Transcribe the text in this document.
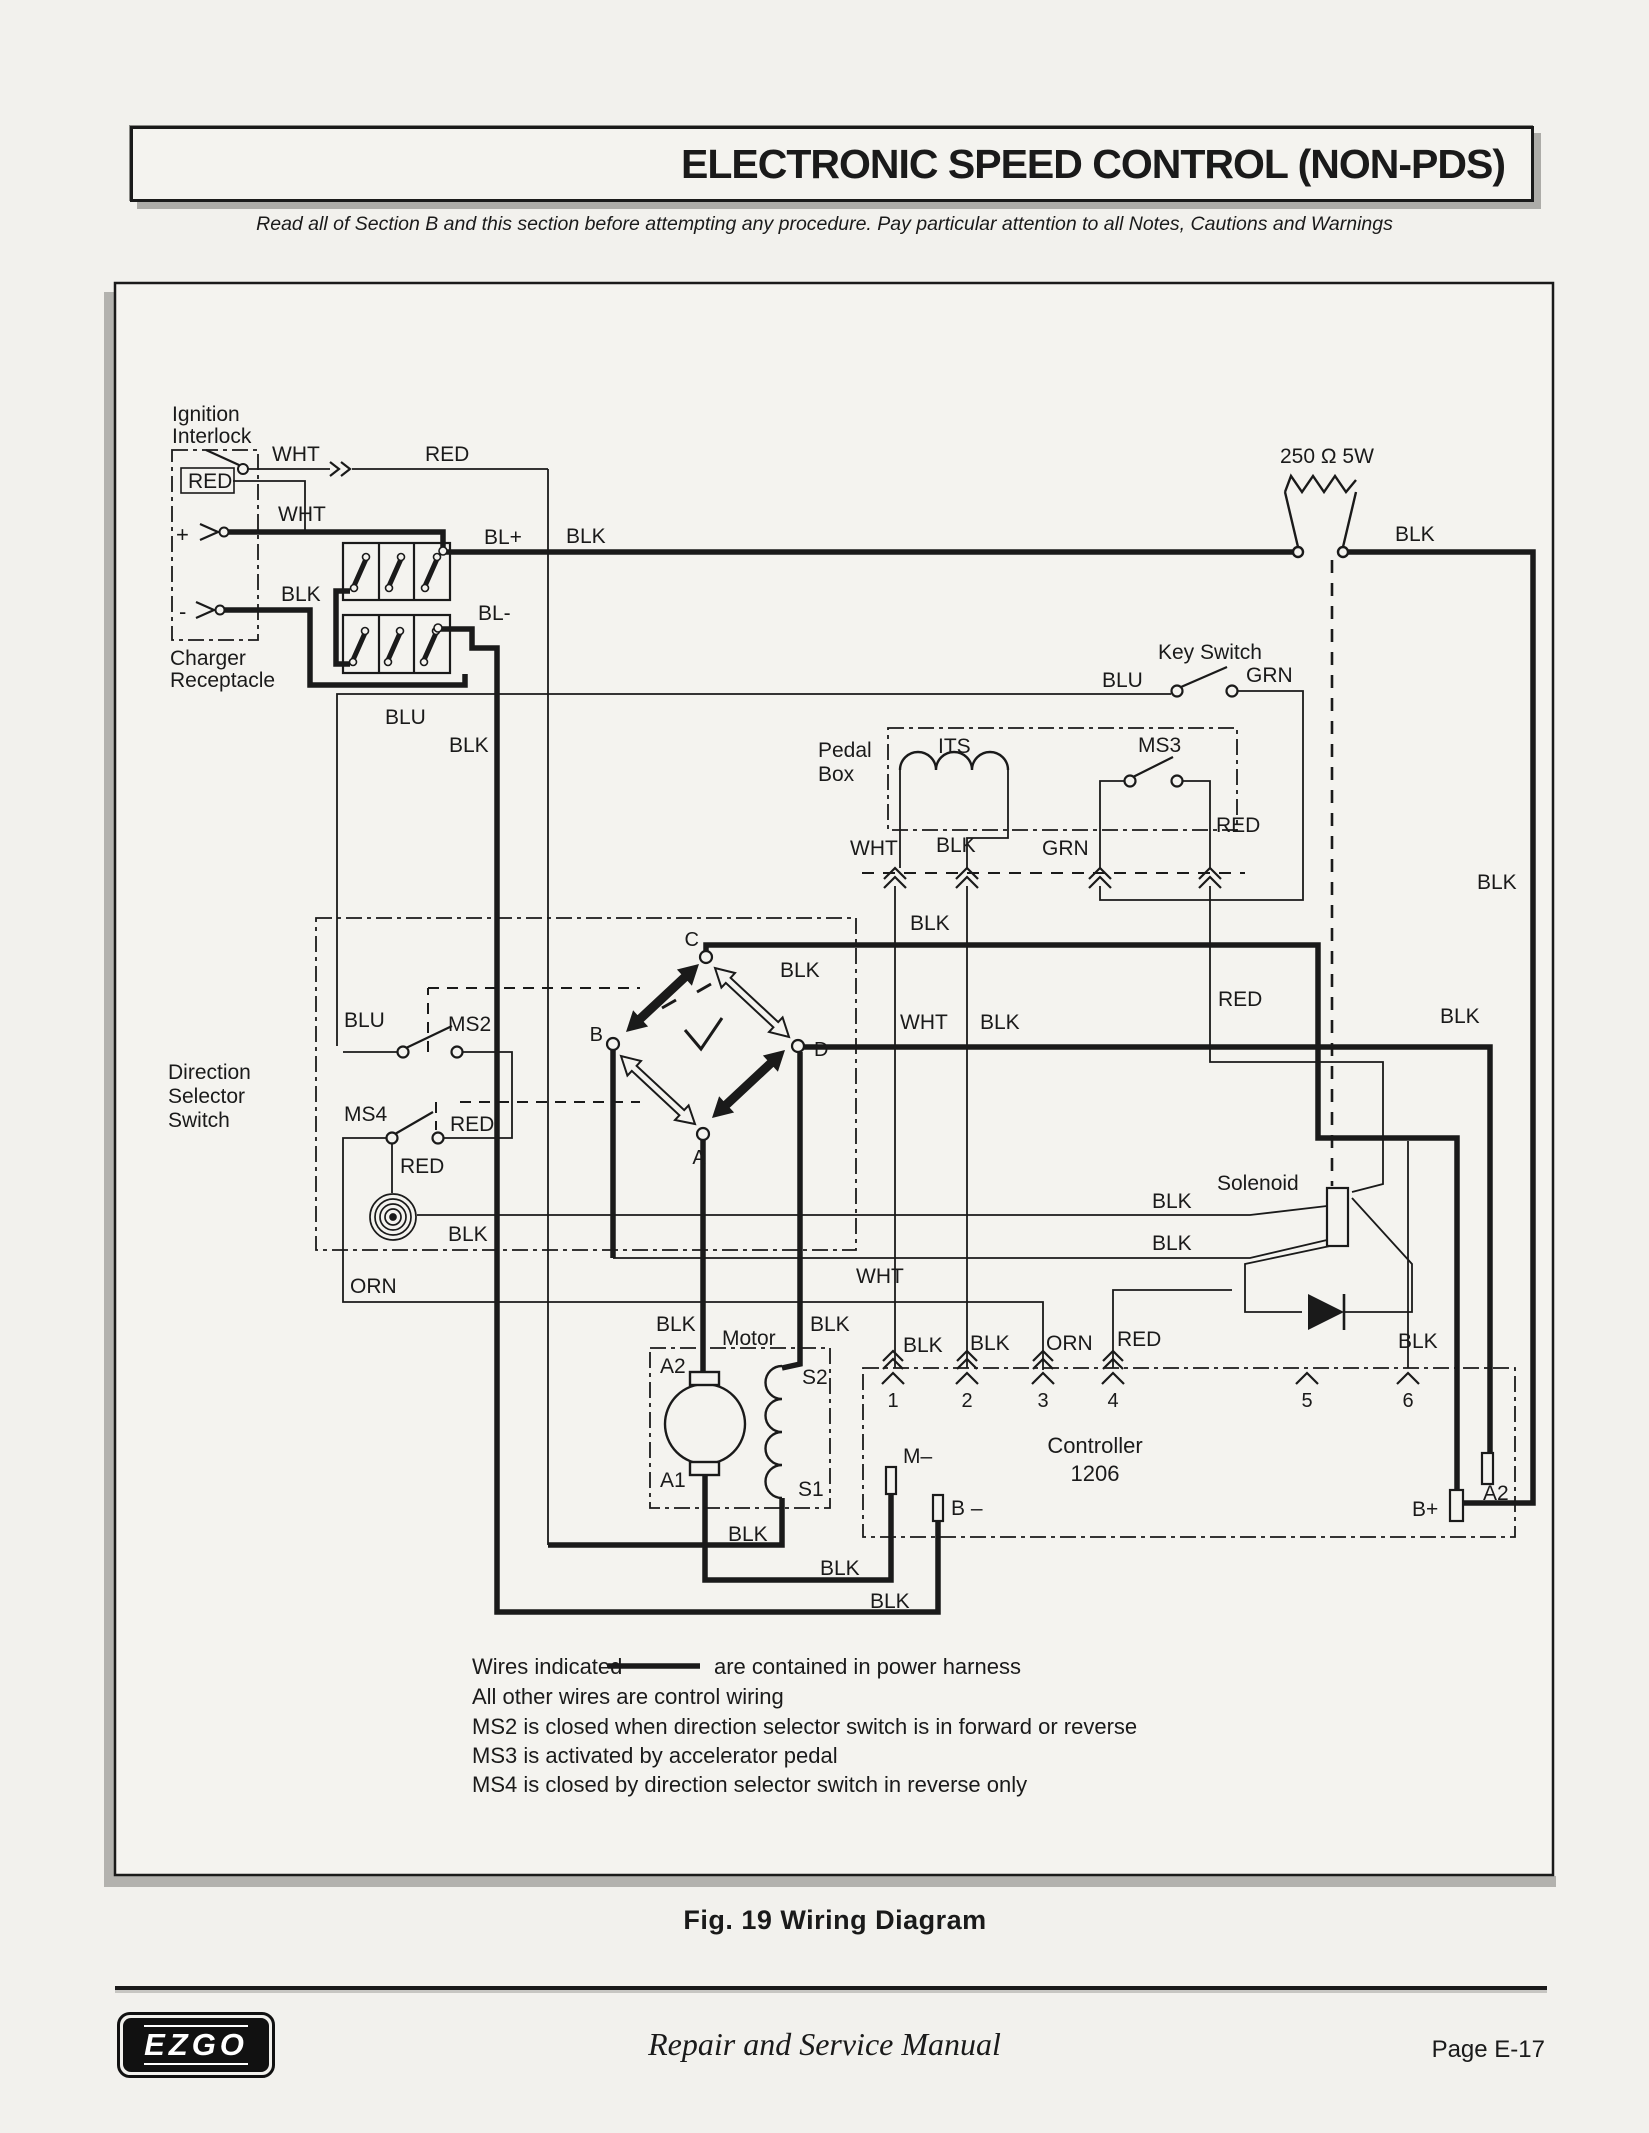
ELECTRONIC SPEED CONTROL (NON-PDS)
Read all of Section B and this section before attempting any procedure. Pay particular attention to all Notes, Cautions and Warnings
Wires indicated	are contained in power harness
All other wires are control wiring
MS2 is closed when direction selector switch is in forward or reverse
MS3 is activated by accelerator pedal
MS4 is closed by direction selector switch in reverse only
Ignition
Interlock
RED
WHT	RED
WHT
BLK
+
-
Charger
Receptacle
BL+ BLK
BL-
250 Ω 5W
BLK
Key Switch
BLU	GRN
BLU
BLK	Pedal
Box
ITS	MS3
WHT BLK	GRN
RED
BLK
BLK
Direction
Selector
Switch
BLU	MS2
MS4	RED
RED
BLK
ORN
C
B
D
A
BLK
WHT BLK
RED
BLK
Solenoid
BLK
BLK
WHT
Motor
BLK	BLK
A2	S2
A1	S1
BLK BLK ORN RED	BLK
1	2	3	4	5	6
Controller
1206
M–
B –	B+
A2
BLK
BLK
BLK
Fig. 19 Wiring Diagram
EZGO	Repair and Service Manual	Page E-17
